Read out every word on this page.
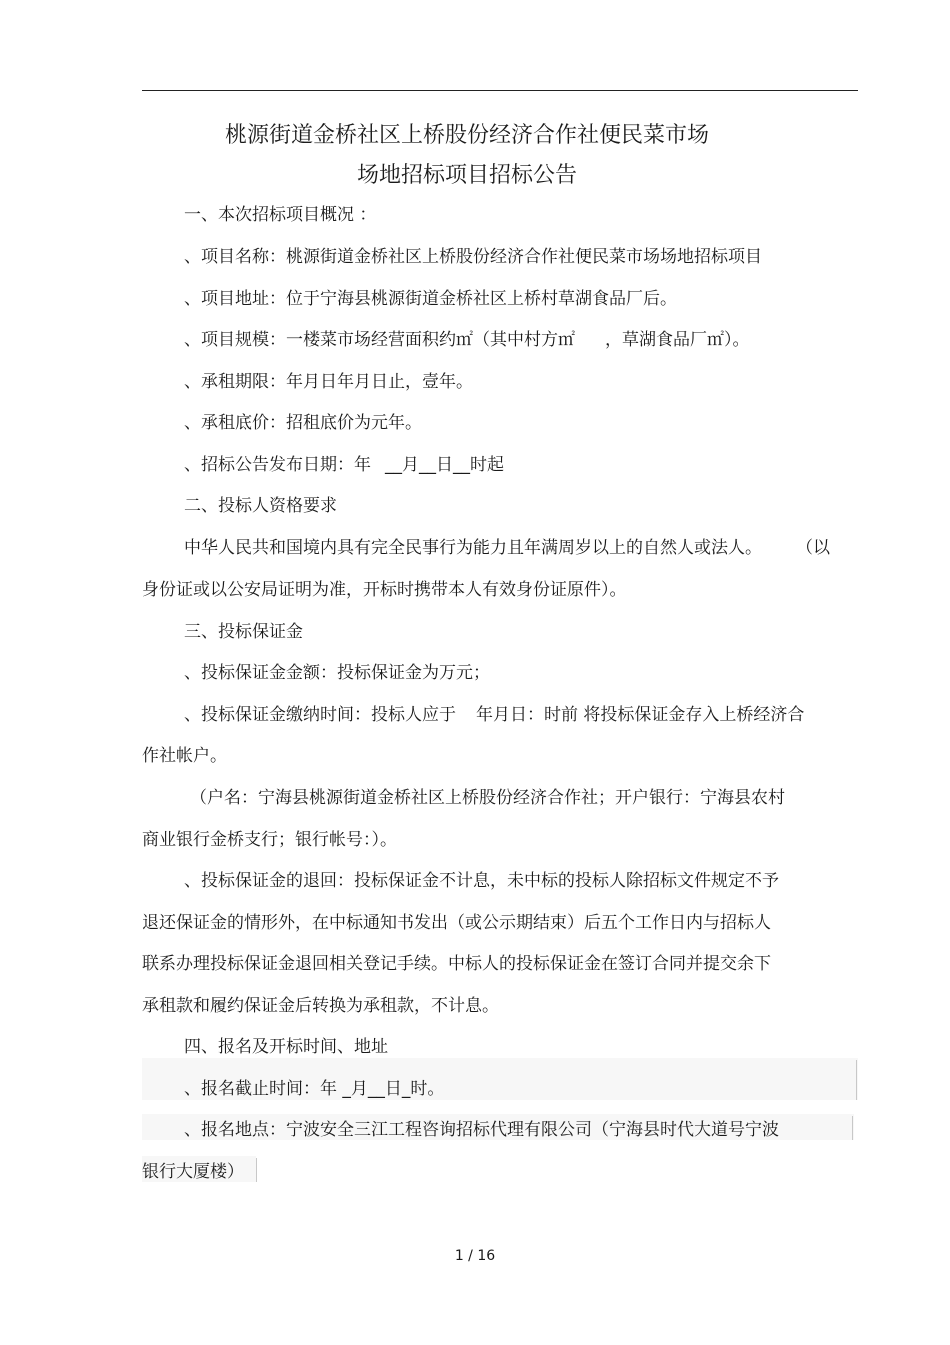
桃源街道金桥社区上桥股份经济合作社便民菜市场
场地招标项目招标公告
一、本次招标项目概况 ：
、项目名称：桃源街道金桥社区上桥股份经济合作社便民菜市场场地招标项目
、项目地址：位于宁海县桃源街道金桥社区上桥村草湖食品厂后。
、项目规模：一楼菜市场经营面积约㎡（其中村方㎡ ，草湖食品厂㎡）。
、承租期限：年月日年月日止，壹年。
、承租底价：招租底价为元年。
、招标公告发布日期：年 __月__日__时起
二、投标人资格要求
中华人民共和国境内具有完全民事行为能力且年满周岁以上的自然人或法人。 （以
身份证或以公安局证明为准，开标时携带本人有效身份证原件）。
三、投标保证金
、投标保证金金额：投标保证金为万元；
、投标保证金缴纳时间：投标人应于 年月日：时前 将投标保证金存入上桥经济合
作社帐户。
（户名：宁海县桃源街道金桥社区上桥股份经济合作社；开户银行：宁海县农村
商业银行金桥支行；银行帐号：）。
、投标保证金的退回：投标保证金不计息，未中标的投标人除招标文件规定不予
退还保证金的情形外，在中标通知书发出（或公示期结束）后五个工作日内与招标人
联系办理投标保证金退回相关登记手续。中标人的投标保证金在签订合同并提交余下
承租款和履约保证金后转换为承租款，不计息。
四、报名及开标时间、地址
、报名截止时间：年 _月__日_时。
、报名地点：宁波安全三江工程咨询招标代理有限公司（宁海县时代大道号宁波
银行大厦楼）
1 / 16
